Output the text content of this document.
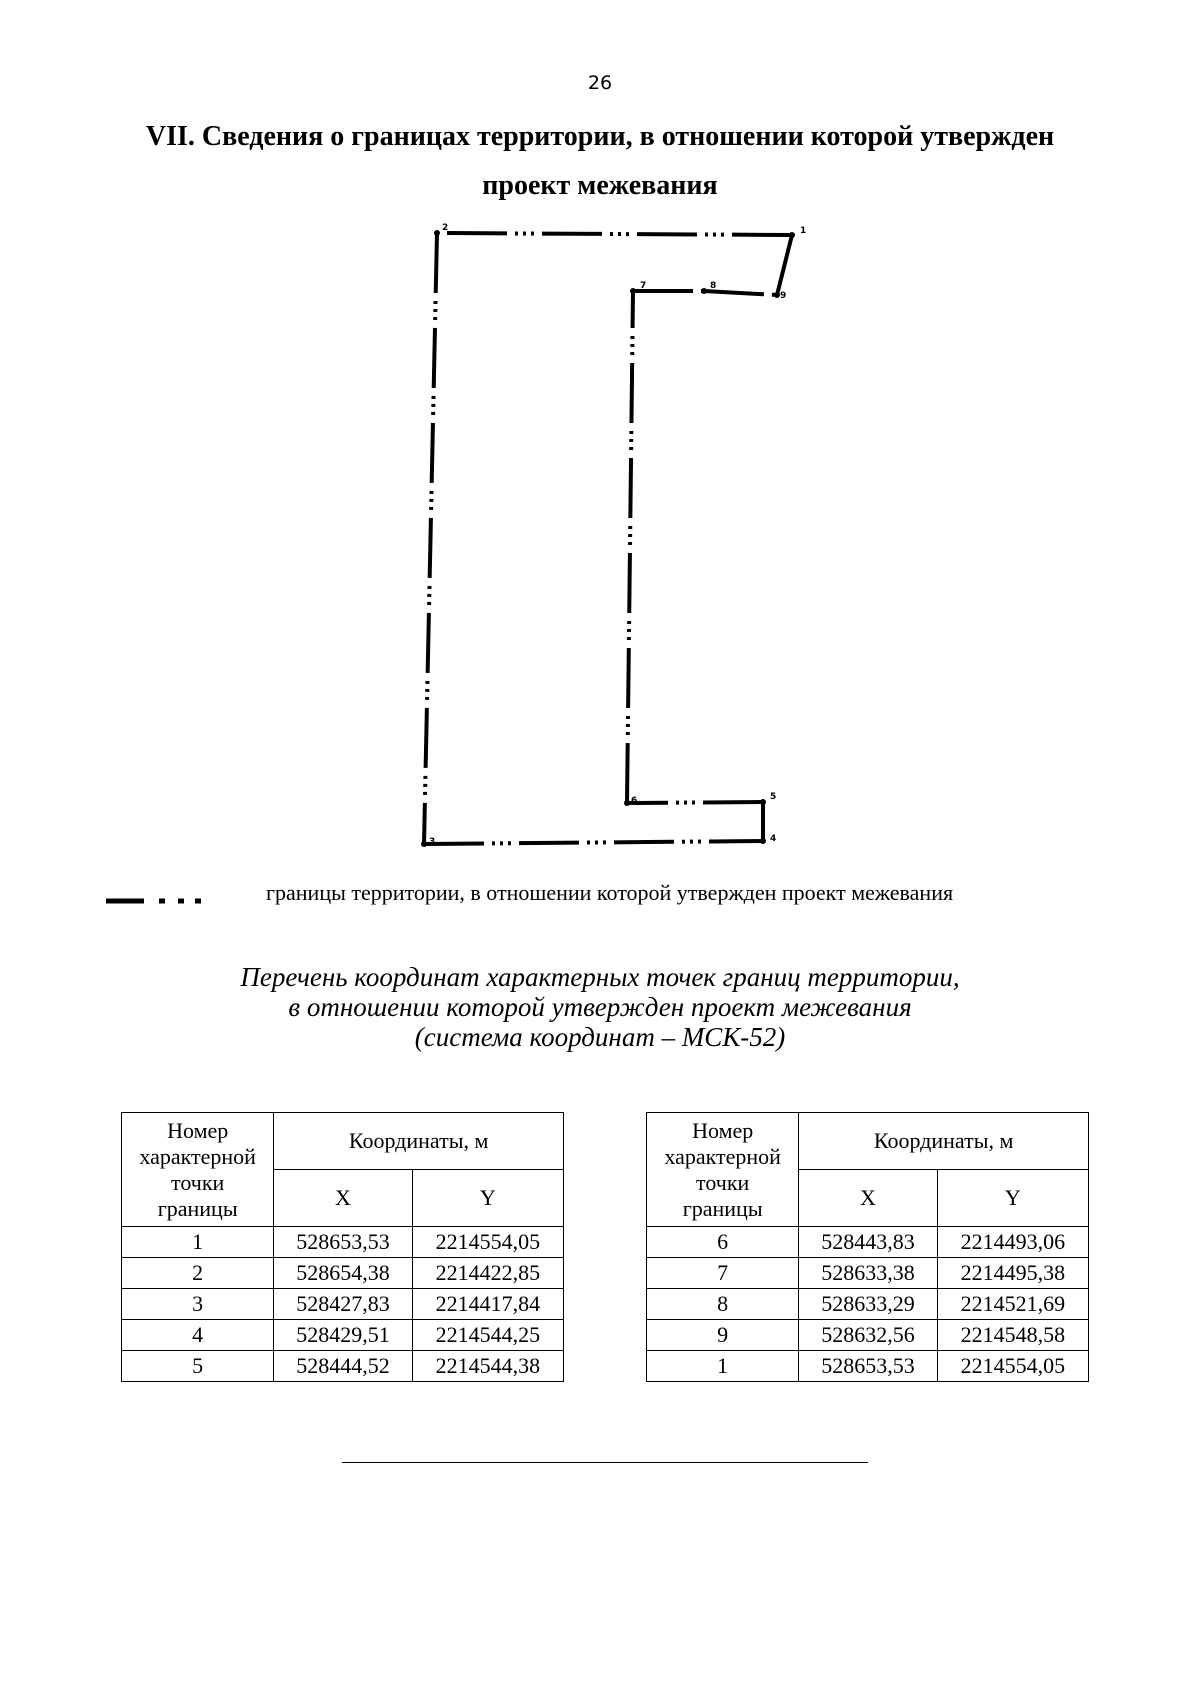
26
VII. Сведения о границах территории, в отношении которой утвержден
проект межевания
1
2
3	4
5
6
7	8
9
границы территории, в отношении которой утвержден проект межевания
Перечень координат характерных точек границ территории,
в отношении которой утвержден проект межевания
(система координат – МСК-52)
Номер
характерной
точки
границы	Координаты, м	
	X	Y
1	528653,53	2214554,05
2	528654,38	2214422,85
3	528427,83	2214417,84
4	528429,51	2214544,25
5	528444,52	2214544,38
Номер
характерной
точки
границы	Координаты, м	
	X	Y
6	528443,83	2214493,06
7	528633,38	2214495,38
8	528633,29	2214521,69
9	528632,56	2214548,58
1	528653,53	2214554,05
